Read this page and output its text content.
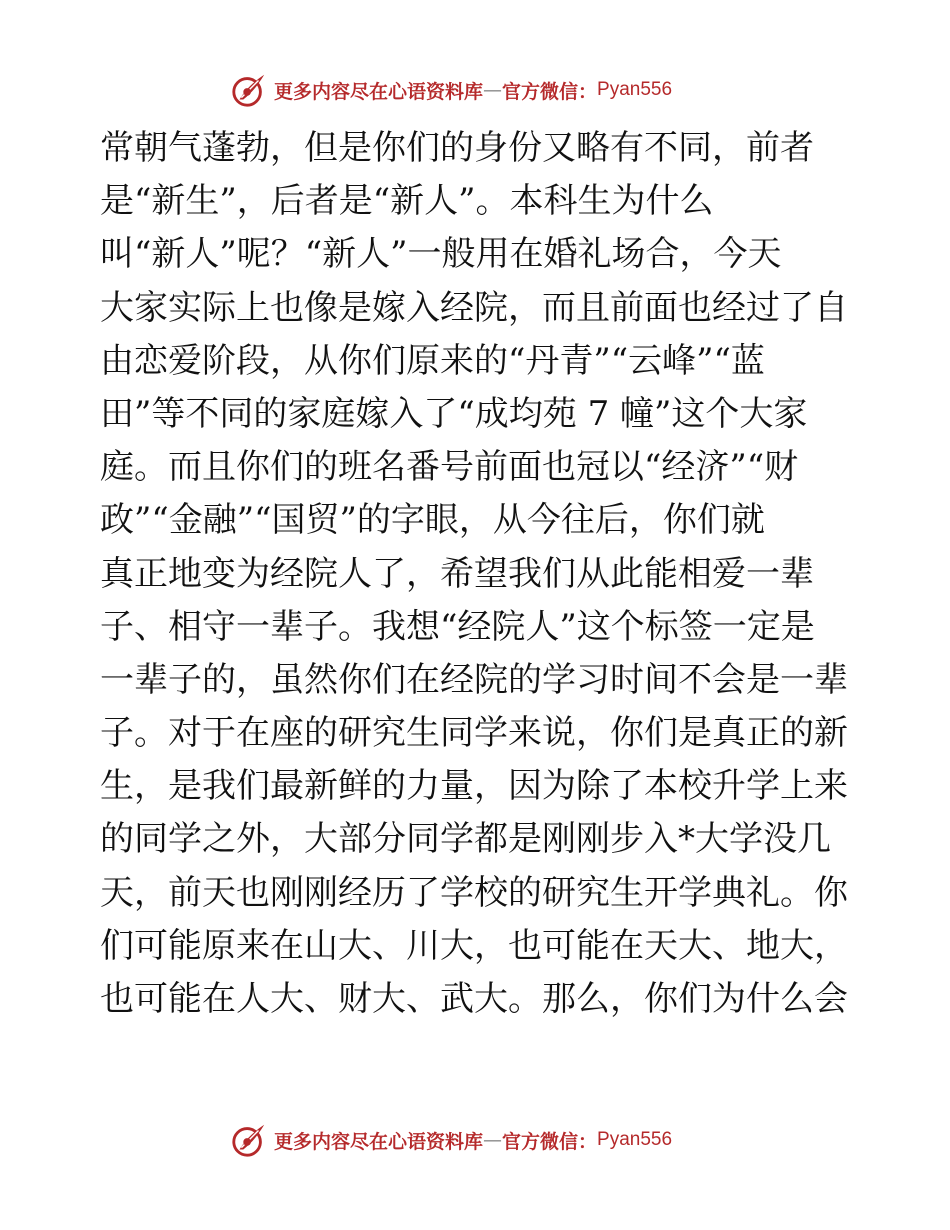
更多内容尽在心语资料库 — 官方微信： Pyan556
常朝气蓬勃，但是你们的身份又略有不同，前者
是“新生”，后者是“新人”。本科生为什么
叫“新人”呢？“新人”一般用在婚礼场合，今天
大家实际上也像是嫁入经院，而且前面也经过了自
由恋爱阶段，从你们原来的“丹青”“云峰”“蓝
田”等不同的家庭嫁入了“成均苑 7 幢”这个大家
庭。而且你们的班名番号前面也冠以“经济”“财
政”“金融”“国贸”的字眼，从今往后，你们就
真正地变为经院人了，希望我们从此能相爱一辈
子、相守一辈子。我想“经院人”这个标签一定是
一辈子的，虽然你们在经院的学习时间不会是一辈
子。对于在座的研究生同学来说，你们是真正的新
生，是我们最新鲜的力量，因为除了本校升学上来
的同学之外，大部分同学都是刚刚步入*大学没几
天，前天也刚刚经历了学校的研究生开学典礼。你
们可能原来在山大、川大，也可能在天大、地大，
也可能在人大、财大、武大。那么，你们为什么会
更多内容尽在心语资料库 — 官方微信： Pyan556
